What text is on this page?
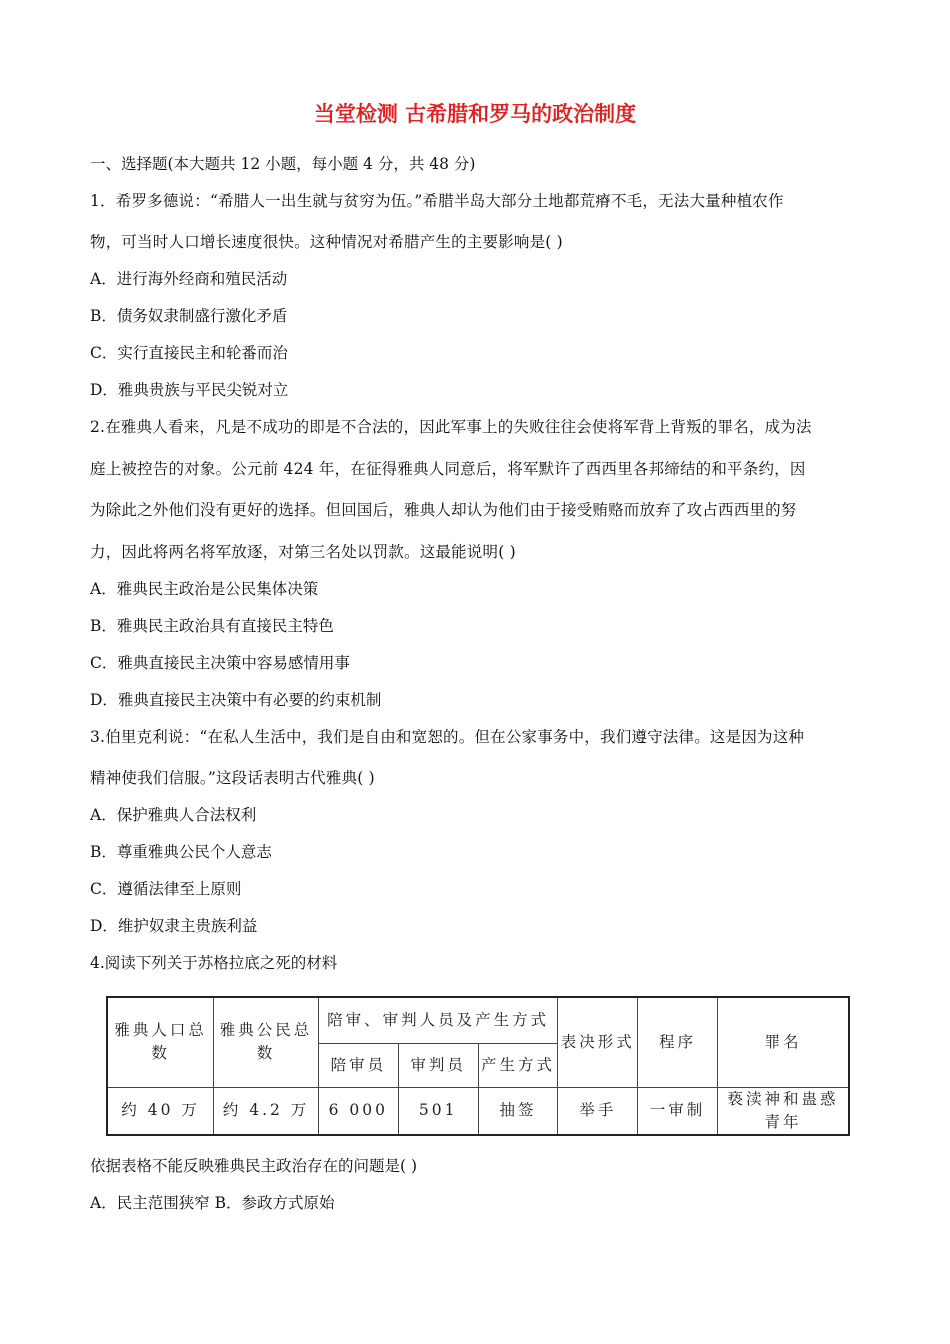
当堂检测 古希腊和罗马的政治制度
一、选择题(本大题共 12 小题，每小题 4 分，共 48 分)
1．希罗多德说：“希腊人一出生就与贫穷为伍。”希腊半岛大部分土地都荒瘠不毛，无法大量种植农作
物，可当时人口增长速度很快。这种情况对希腊产生的主要影响是( )
A．进行海外经商和殖民活动
B．债务奴隶制盛行激化矛盾
C．实行直接民主和轮番而治
D．雅典贵族与平民尖锐对立
2.在雅典人看来，凡是不成功的即是不合法的，因此军事上的失败往往会使将军背上背叛的罪名，成为法
庭上被控告的对象。公元前 424 年，在征得雅典人同意后，将军默许了西西里各邦缔结的和平条约，因
为除此之外他们没有更好的选择。但回国后，雅典人却认为他们由于接受贿赂而放弃了攻占西西里的努
力，因此将两名将军放逐，对第三名处以罚款。这最能说明( )
A．雅典民主政治是公民集体决策
B．雅典民主政治具有直接民主特色
C．雅典直接民主决策中容易感情用事
D．雅典直接民主决策中有必要的约束机制
3.伯里克利说：“在私人生活中，我们是自由和宽恕的。但在公家事务中，我们遵守法律。这是因为这种
精神使我们信服。”这段话表明古代雅典( )
A．保护雅典人合法权利
B．尊重雅典公民个人意志
C．遵循法律至上原则
D．维护奴隶主贵族利益
4.阅读下列关于苏格拉底之死的材料
雅典人口总数	雅典公民总数	陪审、审判人员及产生方式			表决形式	程序	罪名
		陪审员	审判员	产生方式			
约 40 万	约 4.2 万	6 000	501	抽签	举手	一审制	亵渎神和蛊惑青年
依据表格不能反映雅典民主政治存在的问题是( )
A．民主范围狭窄 B．参政方式原始
